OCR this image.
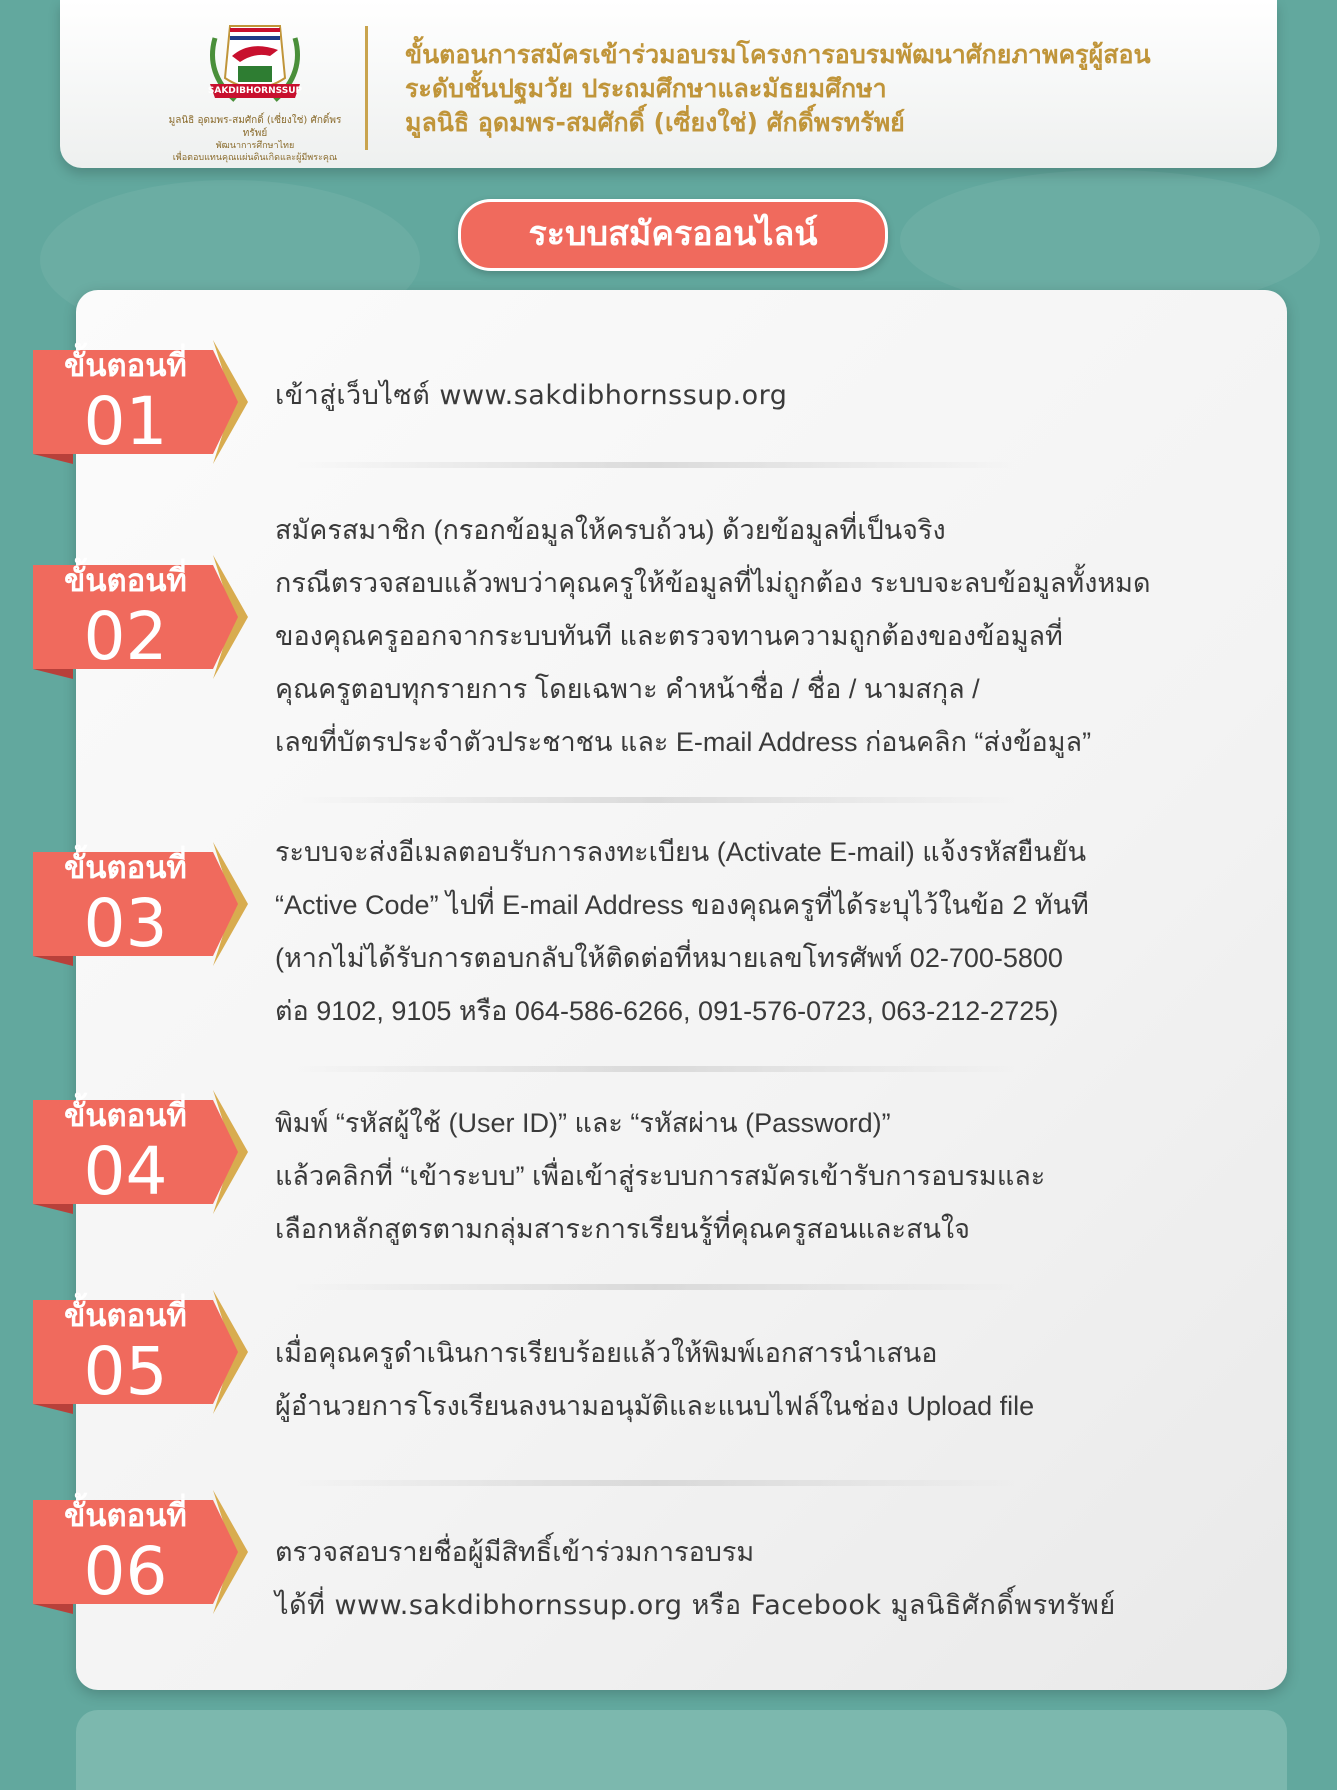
SAKDIBHORNSSUP
มูลนิธิ อุดมพร-สมศักดิ์ (เซี่ยงใช่) ศักดิ์พรทรัพย์
พัฒนาการศึกษาไทย
เพื่อตอบแทนคุณแผ่นดินเกิดและผู้มีพระคุณ
ขั้นตอนการสมัครเข้าร่วมอบรมโครงการอบรมพัฒนาศักยภาพครูผู้สอน
ระดับชั้นปฐมวัย ประถมศึกษาและมัธยมศึกษา
มูลนิธิ อุดมพร-สมศักดิ์ (เซี่ยงใช่) ศักดิ์พรทรัพย์
ระบบสมัครออนไลน์
ขั้นตอนที่
01	เข้าสู่เว็บไซต์ www.sakdibhornssup.org
ขั้นตอนที่
02
สมัครสมาชิก (กรอกข้อมูลให้ครบถ้วน) ด้วยข้อมูลที่เป็นจริง
กรณีตรวจสอบแล้วพบว่าคุณครูให้ข้อมูลที่ไม่ถูกต้อง ระบบจะลบข้อมูลทั้งหมด
ของคุณครูออกจากระบบทันที และตรวจทานความถูกต้องของข้อมูลที่
คุณครูตอบทุกรายการ โดยเฉพาะ คำหน้าชื่อ / ชื่อ / นามสกุล /
เลขที่บัตรประจำตัวประชาชน และ E-mail Address ก่อนคลิก “ส่งข้อมูล”
ขั้นตอนที่
03
ระบบจะส่งอีเมลตอบรับการลงทะเบียน (Activate E-mail) แจ้งรหัสยืนยัน
“Active Code” ไปที่ E-mail Address ของคุณครูที่ได้ระบุไว้ในข้อ 2 ทันที
(หากไม่ได้รับการตอบกลับให้ติดต่อที่หมายเลขโทรศัพท์ 02-700-5800
ต่อ 9102, 9105 หรือ 064-586-6266, 091-576-0723, 063-212-2725)
ขั้นตอนที่
04
พิมพ์ “รหัสผู้ใช้ (User ID)” และ “รหัสผ่าน (Password)”
แล้วคลิกที่ “เข้าระบบ” เพื่อเข้าสู่ระบบการสมัครเข้ารับการอบรมและ
เลือกหลักสูตรตามกลุ่มสาระการเรียนรู้ที่คุณครูสอนและสนใจ
ขั้นตอนที่
05	เมื่อคุณครูดำเนินการเรียบร้อยแล้วให้พิมพ์เอกสารนำเสนอ
ผู้อำนวยการโรงเรียนลงนามอนุมัติและแนบไฟล์ในช่อง Upload file
ขั้นตอนที่
06	ตรวจสอบรายชื่อผู้มีสิทธิ์เข้าร่วมการอบรม
ได้ที่ www.sakdibhornssup.org หรือ Facebook มูลนิธิศักดิ์พรทรัพย์
